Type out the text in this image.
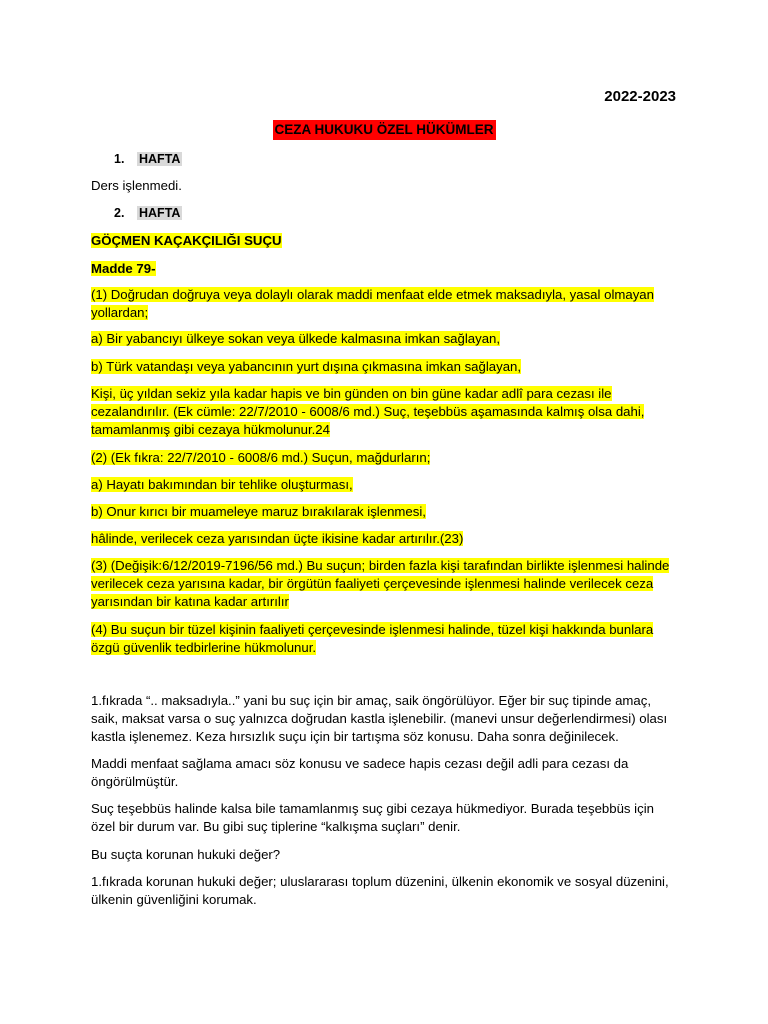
2022-2023
CEZA HUKUKU ÖZEL HÜKÜMLER
1. HAFTA

Ders işlenmedi.

2. HAFTA

GÖÇMEN KAÇAKÇILIĞI SUÇU

Madde 79-

(1) Doğrudan doğruya veya dolaylı olarak maddi menfaat elde etmek maksadıyla, yasal olmayan yollardan;

a) Bir yabancıyı ülkeye sokan veya ülkede kalmasına imkan sağlayan,

b) Türk vatandaşı veya yabancının yurt dışına çıkmasına imkan sağlayan,

Kişi, üç yıldan sekiz yıla kadar hapis ve bin günden on bin güne kadar adlî para cezası ile cezalandırılır. (Ek cümle: 22/7/2010 - 6008/6 md.) Suç, teşebbüs aşamasında kalmış olsa dahi, tamamlanmış gibi cezaya hükmolunur.24

(2) (Ek fıkra: 22/7/2010 - 6008/6 md.) Suçun, mağdurların;

a) Hayatı bakımından bir tehlike oluşturması,

b) Onur kırıcı bir muameleye maruz bırakılarak işlenmesi,

hâlinde, verilecek ceza yarısından üçte ikisine kadar artırılır.(23)

(3) (Değişik:6/12/2019-7196/56 md.) Bu suçun; birden fazla kişi tarafından birlikte işlenmesi halinde verilecek ceza yarısına kadar, bir örgütün faaliyeti çerçevesinde işlenmesi halinde verilecek ceza yarısından bir katına kadar artırılır

(4) Bu suçun bir tüzel kişinin faaliyeti çerçevesinde işlenmesi halinde, tüzel kişi hakkında bunlara özgü güvenlik tedbirlerine hükmolunur.

1.fıkrada “.. maksadıyla..” yani bu suç için bir amaç, saik öngörülüyor. Eğer bir suç tipinde amaç, saik, maksat varsa o suç yalnızca doğrudan kastla işlenebilir. (manevi unsur değerlendirmesi) olası kastla işlenemez. Keza hırsızlık suçu için bir tartışma söz konusu. Daha sonra değinilecek.

Maddi menfaat sağlama amacı söz konusu ve sadece hapis cezası değil adli para cezası da öngörülmüştür.

Suç teşebbüs halinde kalsa bile tamamlanmış suç gibi cezaya hükmediyor. Burada teşebbüs için özel bir durum var. Bu gibi suç tiplerine “kalkışma suçları” denir.

Bu suçta korunan hukuki değer?

1.fıkrada korunan hukuki değer; uluslararası toplum düzenini, ülkenin ekonomik ve sosyal düzenini, ülkenin güvenliğini korumak.
